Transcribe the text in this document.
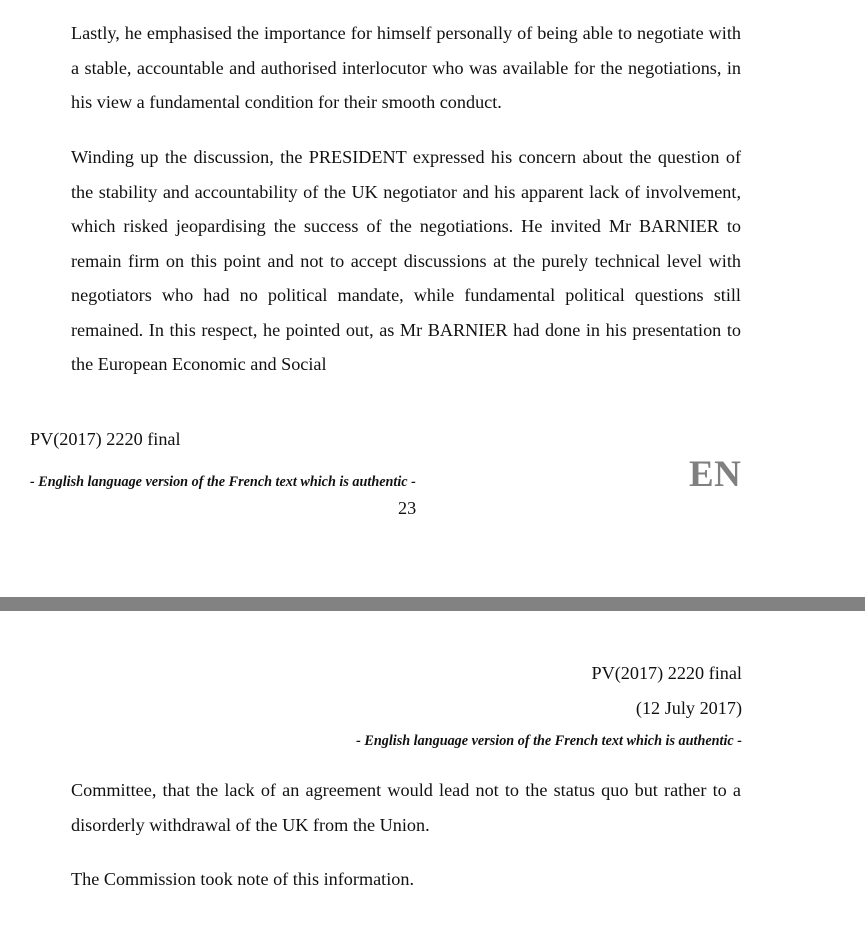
Lastly, he emphasised the importance for himself personally of being able to negotiate with a stable, accountable and authorised interlocutor who was available for the negotiations, in his view a fundamental condition for their smooth conduct.

Winding up the discussion, the PRESIDENT expressed his concern about the question of the stability and accountability of the UK negotiator and his apparent lack of involvement, which risked jeopardising the success of the negotiations. He invited Mr BARNIER to remain firm on this point and not to accept discussions at the purely technical level with negotiators who had no political mandate, while fundamental political questions still remained. In this respect, he pointed out, as Mr BARNIER had done in his presentation to the European Economic and Social

PV(2017) 2220 final
- English language version of the French text which is authentic -	EN
23
PV(2017) 2220 final
(12 July 2017)
- English language version of the French text which is authentic -

Committee, that the lack of an agreement would lead not to the status quo but rather to a disorderly withdrawal of the UK from the Union.

The Commission took note of this information.
